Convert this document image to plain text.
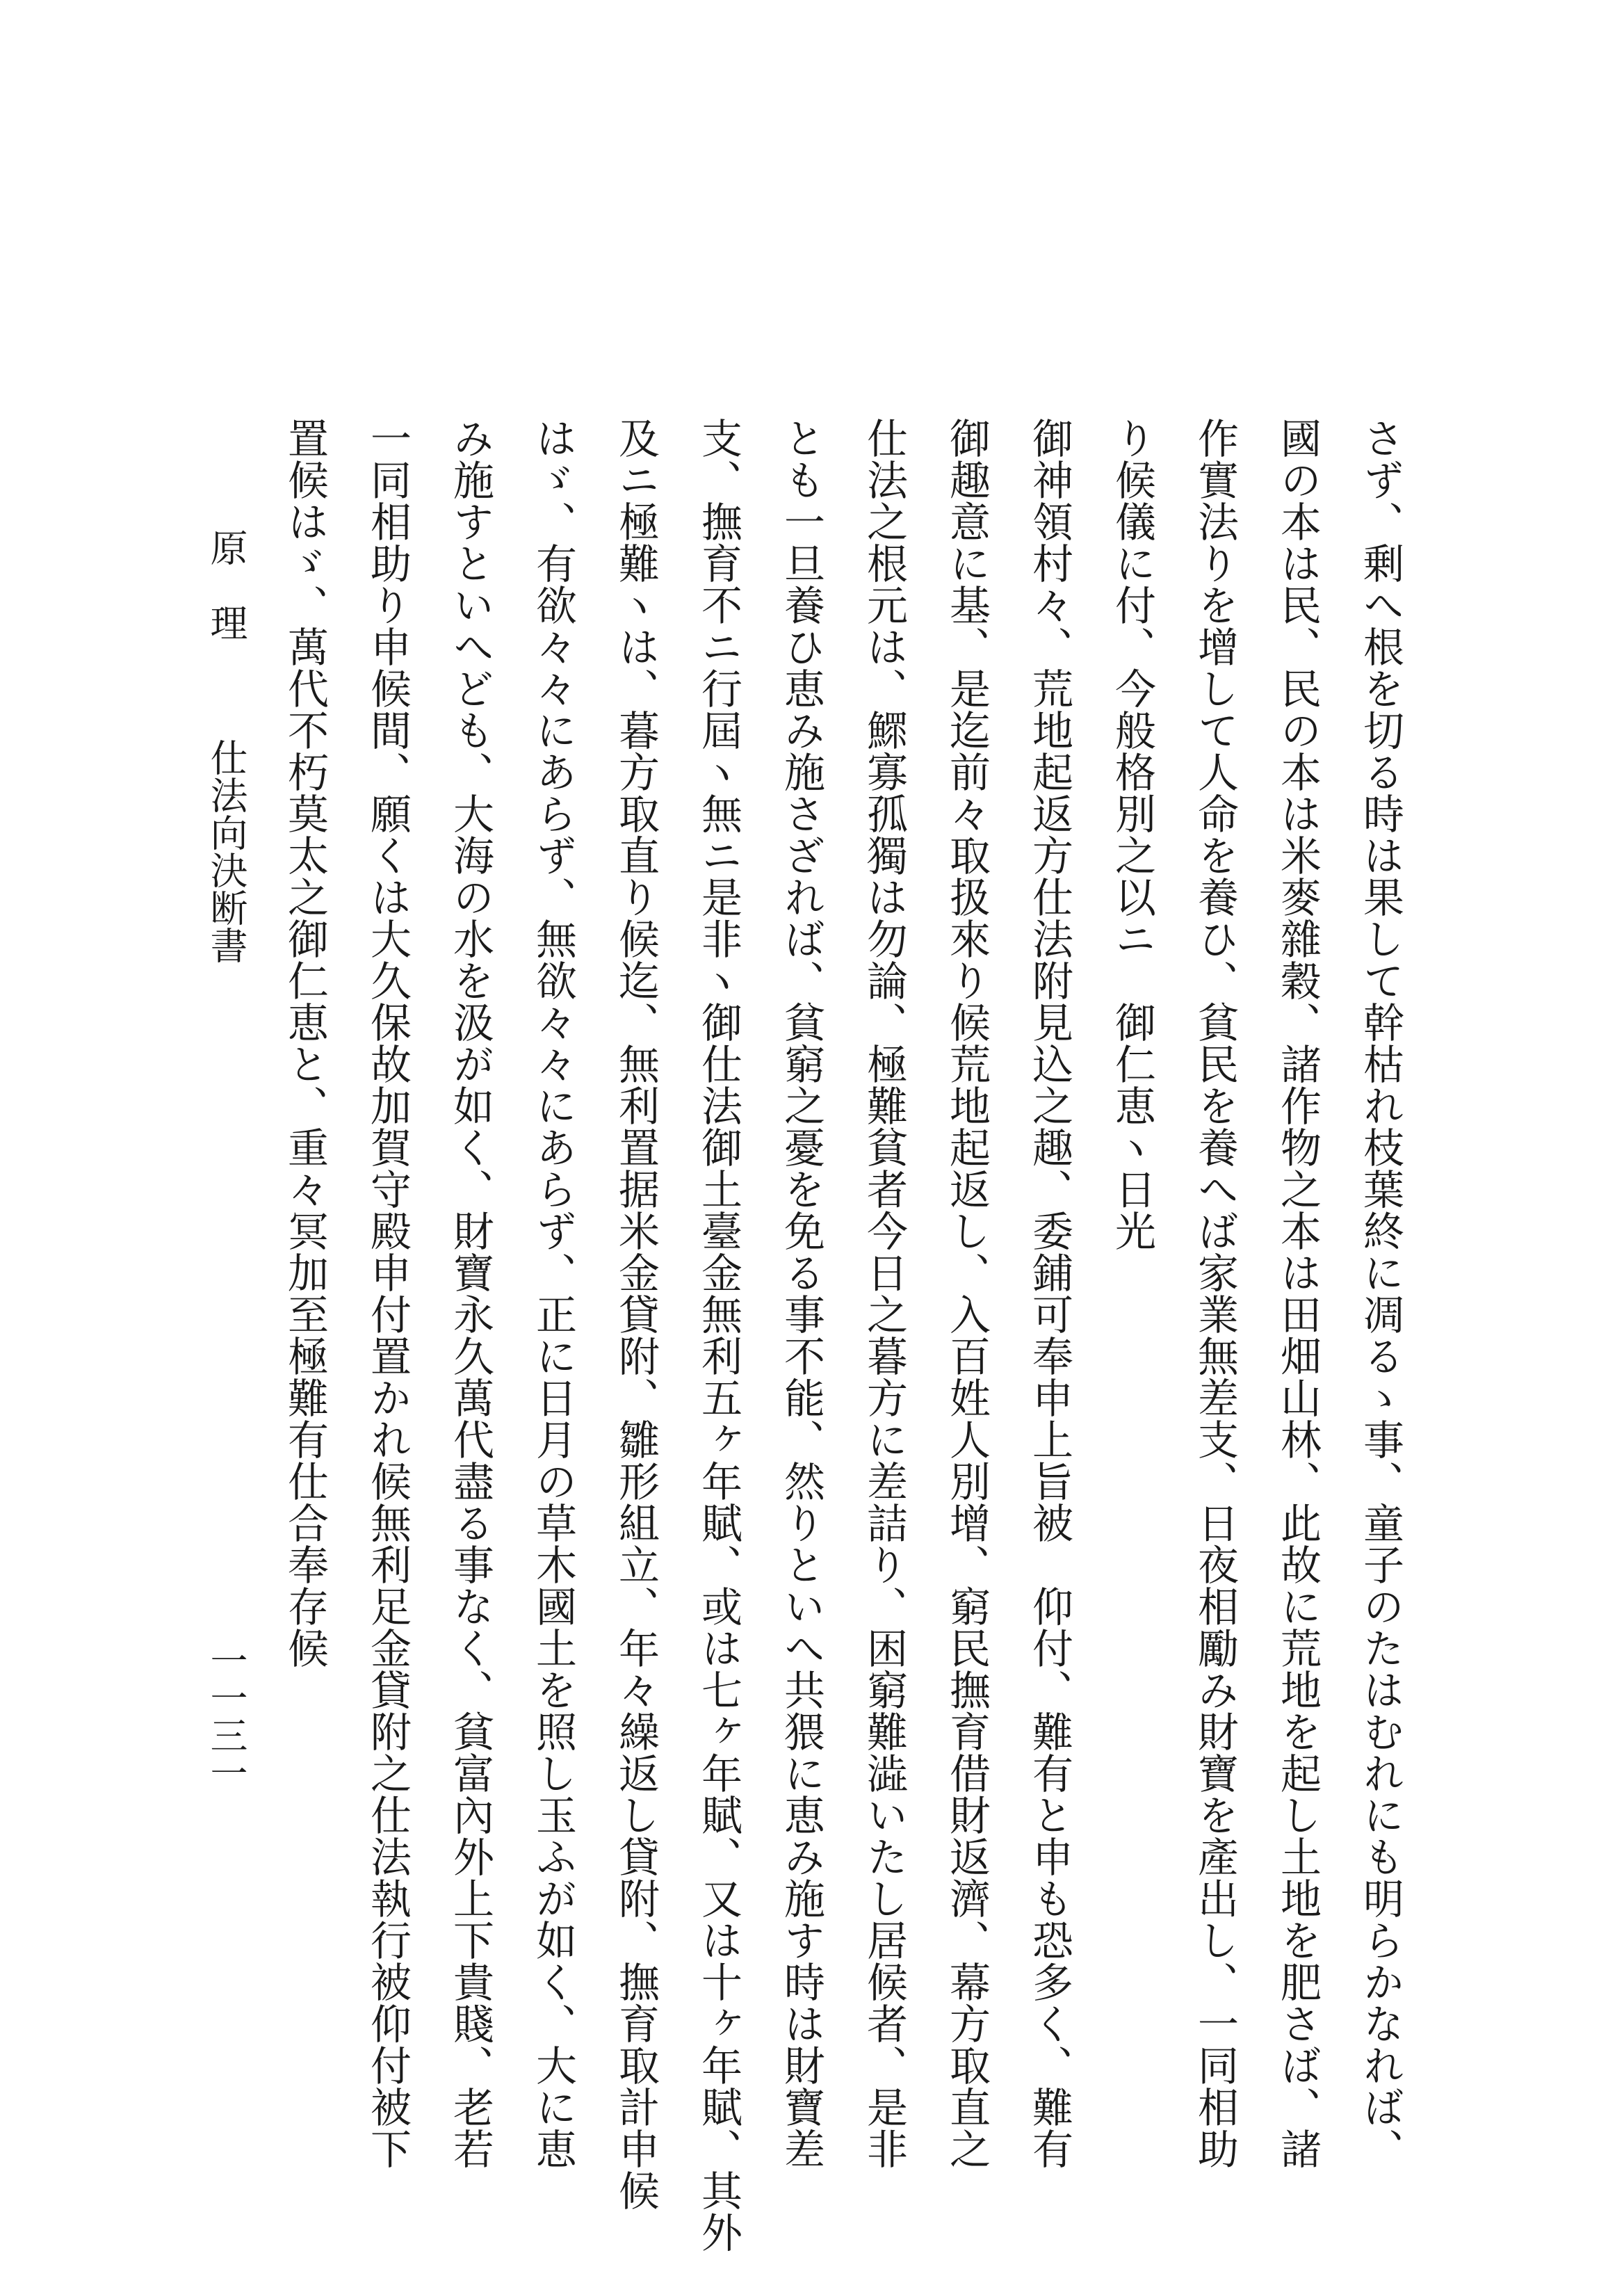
さず、剰へ根を切る時は果して幹枯れ枝葉終に凋るゝ事、童子のたはむれにも明らかなれば、
國の本は民、民の本は米麥雜穀、諸作物之本は田畑山林、此故に荒地を起し土地を肥さば、諸
作實法りを增して人命を養ひ、貧民を養へば家業無差支、日夜相勵み財寶を產出し、一同相助
り候儀に付、今般格別之以ニ　御仁恵ヽ日光
御神領村々、荒地起返方仕法附見込之趣、委鋪可奉申上旨被　仰付、難有と申も恐多く、難有
御趣意に基、是迄前々取扱來り候荒地起返し、入百姓人別增、窮民撫育借財返濟、幕方取直之
仕法之根元は、鰥寡孤獨は勿論、極難貧者今日之暮方に差詰り、困窮難澁いたし居候者、是非
とも一旦養ひ恵み施さざれば、貧窮之憂を免る事不能、然りといへ共猥に恵み施す時は財寶差
支、撫育不ニ行屆ヽ無ニ是非ヽ御仕法御土臺金無利五ヶ年賦、或は七ヶ年賦、又は十ヶ年賦、其外
及ニ極難ヽは、暮方取直り候迄、無利置据米金貸附、雛形組立、年々繰返し貸附、撫育取計申候
はゞ、有欲々々にあらず、無欲々々にあらず、正に日月の草木國土を照し玉ふが如く、大に恵
み施すといへども、大海の水を汲が如く、財寶永久萬代盡る事なく、貧富內外上下貴賤、老若
一同相助り申候間、願くは大久保故加賀守殿申付置かれ候無利足金貸附之仕法執行被仰付被下
置候はゞ、萬代不朽莫太之御仁恵と、重々冥加至極難有仕合奉存候
原　理仕法向決断書
一一三一
